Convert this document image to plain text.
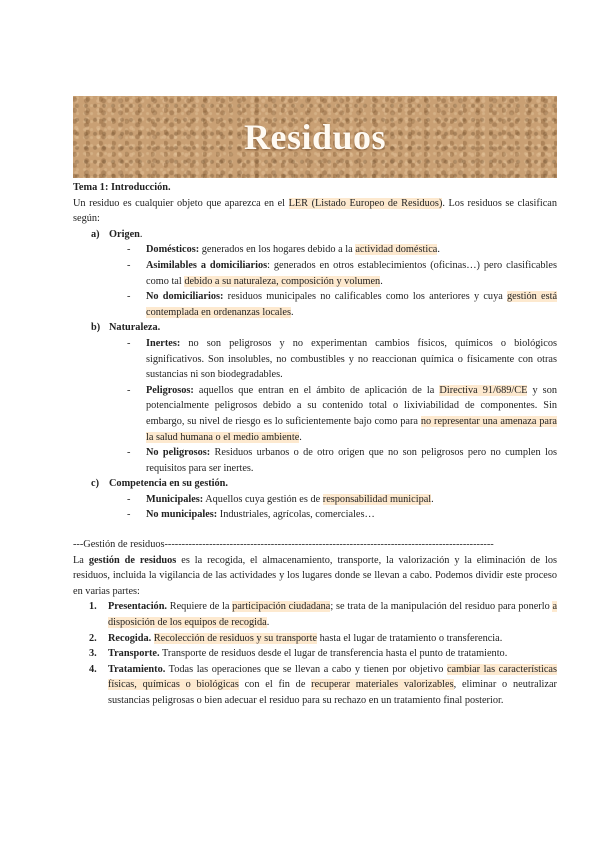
Residuos

Tema 1: Introducción.

Un residuo es cualquier objeto que aparezca en el LER (Listado Europeo de Residuos). Los residuos se clasifican según:

a) Origen.
-	Domésticos: generados en los hogares debido a la actividad doméstica.
-	Asimilables a domiciliarios: generados en otros establecimientos (oficinas…) pero clasificables como tal debido a su naturaleza, composición y volumen.
-	No domiciliarios: residuos municipales no calificables como los anteriores y cuya gestión está contemplada en ordenanzas locales.
b) Naturaleza.
-	Inertes: no son peligrosos y no experimentan cambios físicos, químicos o biológicos significativos. Son insolubles, no combustibles y no reaccionan química o físicamente con otras sustancias ni son biodegradables.
-	Peligrosos: aquellos que entran en el ámbito de aplicación de la Directiva 91/689/CE y son potencialmente peligrosos debido a su contenido total o lixiviabilidad de componentes. Sin embargo, su nivel de riesgo es lo suficientemente bajo como para no representar una amenaza para la salud humana o el medio ambiente.
-	No peligrosos: Residuos urbanos o de otro origen que no son peligrosos pero no cumplen los requisitos para ser inertes.
c) Competencia en su gestión.
-	Municipales: Aquellos cuya gestión es de responsabilidad municipal.
-	No municipales: Industriales, agrícolas, comerciales…

---Gestión de residuos------------------------------------------------------------------------------------------------

La gestión de residuos es la recogida, el almacenamiento, transporte, la valorización y la eliminación de los residuos, incluida la vigilancia de las actividades y los lugares donde se llevan a cabo. Podemos dividir este proceso en varias partes:

1.	Presentación. Requiere de la participación ciudadana; se trata de la manipulación del residuo para ponerlo a disposición de los equipos de recogida.
2.	Recogida. Recolección de residuos y su transporte hasta el lugar de tratamiento o transferencia.
3.	Transporte. Transporte de residuos desde el lugar de transferencia hasta el punto de tratamiento.
4.	Tratamiento. Todas las operaciones que se llevan a cabo y tienen por objetivo cambiar las características físicas, químicas o biológicas con el fin de recuperar materiales valorizables, eliminar o neutralizar sustancias peligrosas o bien adecuar el residuo para su rechazo en un tratamiento final posterior.
